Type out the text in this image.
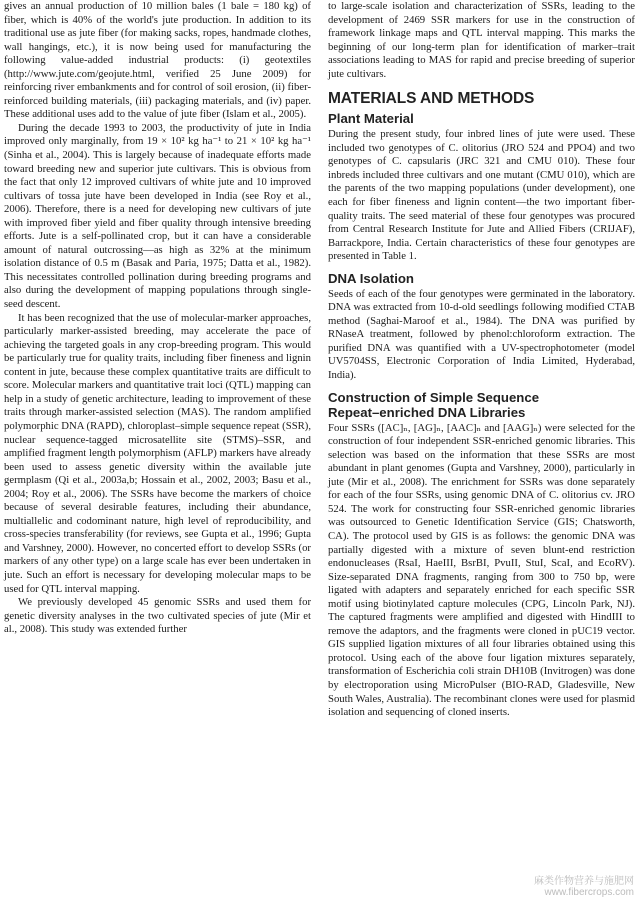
gives an annual production of 10 million bales (1 bale = 180 kg) of fiber, which is 40% of the world's jute production. In addition to its traditional use as jute fiber (for making sacks, ropes, handmade clothes, wall hangings, etc.), it is now being used for manufacturing the following value-added industrial products: (i) geotextiles (http://www.jute.com/geojute.html, verified 25 June 2009) for reinforcing river embankments and for control of soil erosion, (ii) fiber-reinforced building materials, (iii) packaging materials, and (iv) paper. These additional uses add to the value of jute fiber (Islam et al., 2005).

During the decade 1993 to 2003, the productivity of jute in India improved only marginally, from 19 × 10² kg ha⁻¹ to 21 × 10² kg ha⁻¹ (Sinha et al., 2004). This is largely because of inadequate efforts made toward breeding new and superior jute cultivars. This is obvious from the fact that only 12 improved cultivars of white jute and 10 improved cultivars of tossa jute have been developed in India (see Roy et al., 2006). Therefore, there is a need for developing new cultivars of jute with improved fiber yield and fiber quality through intensive breeding efforts. Jute is a self-pollinated crop, but it can have a considerable amount of natural outcrossing—as high as 32% at the minimum isolation distance of 0.5 m (Basak and Paria, 1975; Datta et al., 1982). This necessitates controlled pollination during breeding programs and also during the development of mapping populations through single-seed descent.

It has been recognized that the use of molecular-marker approaches, particularly marker-assisted breeding, may accelerate the pace of achieving the targeted goals in any crop-breeding program. This would be particularly true for quality traits, including fiber fineness and lignin content in jute, because these complex quantitative traits are difficult to score. Molecular markers and quantitative trait loci (QTL) mapping can help in a study of genetic architecture, leading to improvement of these traits through marker-assisted selection (MAS). The random amplified polymorphic DNA (RAPD), chloroplast–simple sequence repeat (SSR), nuclear sequence-tagged microsatellite site (STMS)–SSR, and amplified fragment length polymorphism (AFLP) markers have already been used to assess genetic diversity within the available jute germplasm (Qi et al., 2003a,b; Hossain et al., 2002, 2003; Basu et al., 2004; Roy et al., 2006). The SSRs have become the markers of choice because of several desirable features, including their abundance, multiallelic and codominant nature, high level of reproducibility, and cross-species transferability (for reviews, see Gupta et al., 1996; Gupta and Varshney, 2000). However, no concerted effort to develop SSRs (or markers of any other type) on a large scale has ever been undertaken in jute. Such an effort is necessary for developing molecular maps to be used for QTL interval mapping.

We previously developed 45 genomic SSRs and used them for genetic diversity analyses in the two cultivated species of jute (Mir et al., 2008). This study was extended further

to large-scale isolation and characterization of SSRs, leading to the development of 2469 SSR markers for use in the construction of framework linkage maps and QTL interval mapping. This marks the beginning of our long-term plan for identification of marker–trait associations leading to MAS for rapid and precise breeding of superior jute cultivars.

MATERIALS AND METHODS
Plant Material

During the present study, four inbred lines of jute were used. These included two genotypes of C. olitorius (JRO 524 and PPO4) and two genotypes of C. capsularis (JRC 321 and CMU 010). These four inbreds included three cultivars and one mutant (CMU 010), which are the parents of the two mapping populations (under development), one each for fiber fineness and lignin content—the two important fiber-quality traits. The seed material of these four genotypes was procured from Central Research Institute for Jute and Allied Fibers (CRIJAF), Barrackpore, India. Certain characteristics of these four genotypes are presented in Table 1.

DNA Isolation

Seeds of each of the four genotypes were germinated in the laboratory. DNA was extracted from 10-d-old seedlings following modified CTAB method (Saghai-Maroof et al., 1984). The DNA was purified by RNaseA treatment, followed by phenol:chloroform extraction. The purified DNA was quantified with a UV-spectrophotometer (model UV5704SS, Electronic Corporation of India Limited, Hyderabad, India).

Construction of Simple Sequence
Repeat–enriched DNA Libraries

Four SSRs ([AC]ₙ, [AG]ₙ, [AAC]ₙ and [AAG]ₙ) were selected for the construction of four independent SSR-enriched genomic libraries. This selection was based on the information that these SSRs are most abundant in plant genomes (Gupta and Varshney, 2000), particularly in jute (Mir et al., 2008). The enrichment for SSRs was done separately for each of the four SSRs, using genomic DNA of C. olitorius cv. JRO 524. The work for constructing four SSR-enriched genomic libraries was outsourced to Genetic Identification Service (GIS; Chatsworth, CA). The protocol used by GIS is as follows: the genomic DNA was partially digested with a mixture of seven blunt-end restriction endonucleases (RsaI, HaeIII, BsrBI, PvuII, StuI, ScaI, and EcoRV). Size-separated DNA fragments, ranging from 300 to 750 bp, were ligated with adapters and separately enriched for each specific SSR motif using biotinylated capture molecules (CPG, Lincoln Park, NJ). The captured fragments were amplified and digested with HindIII to remove the adaptors, and the fragments were cloned in pUC19 vector. GIS supplied ligation mixtures of all four libraries obtained using this protocol. Using each of the above four ligation mixtures separately, transformation of Escherichia coli strain DH10B (Invitrogen) was done by electroporation using MicroPulser (BIO-RAD, Gladesville, New South Wales, Australia). The recombinant clones were used for plasmid isolation and sequencing of cloned inserts.

麻类作物营养与施肥网
www.fibercrops.com
